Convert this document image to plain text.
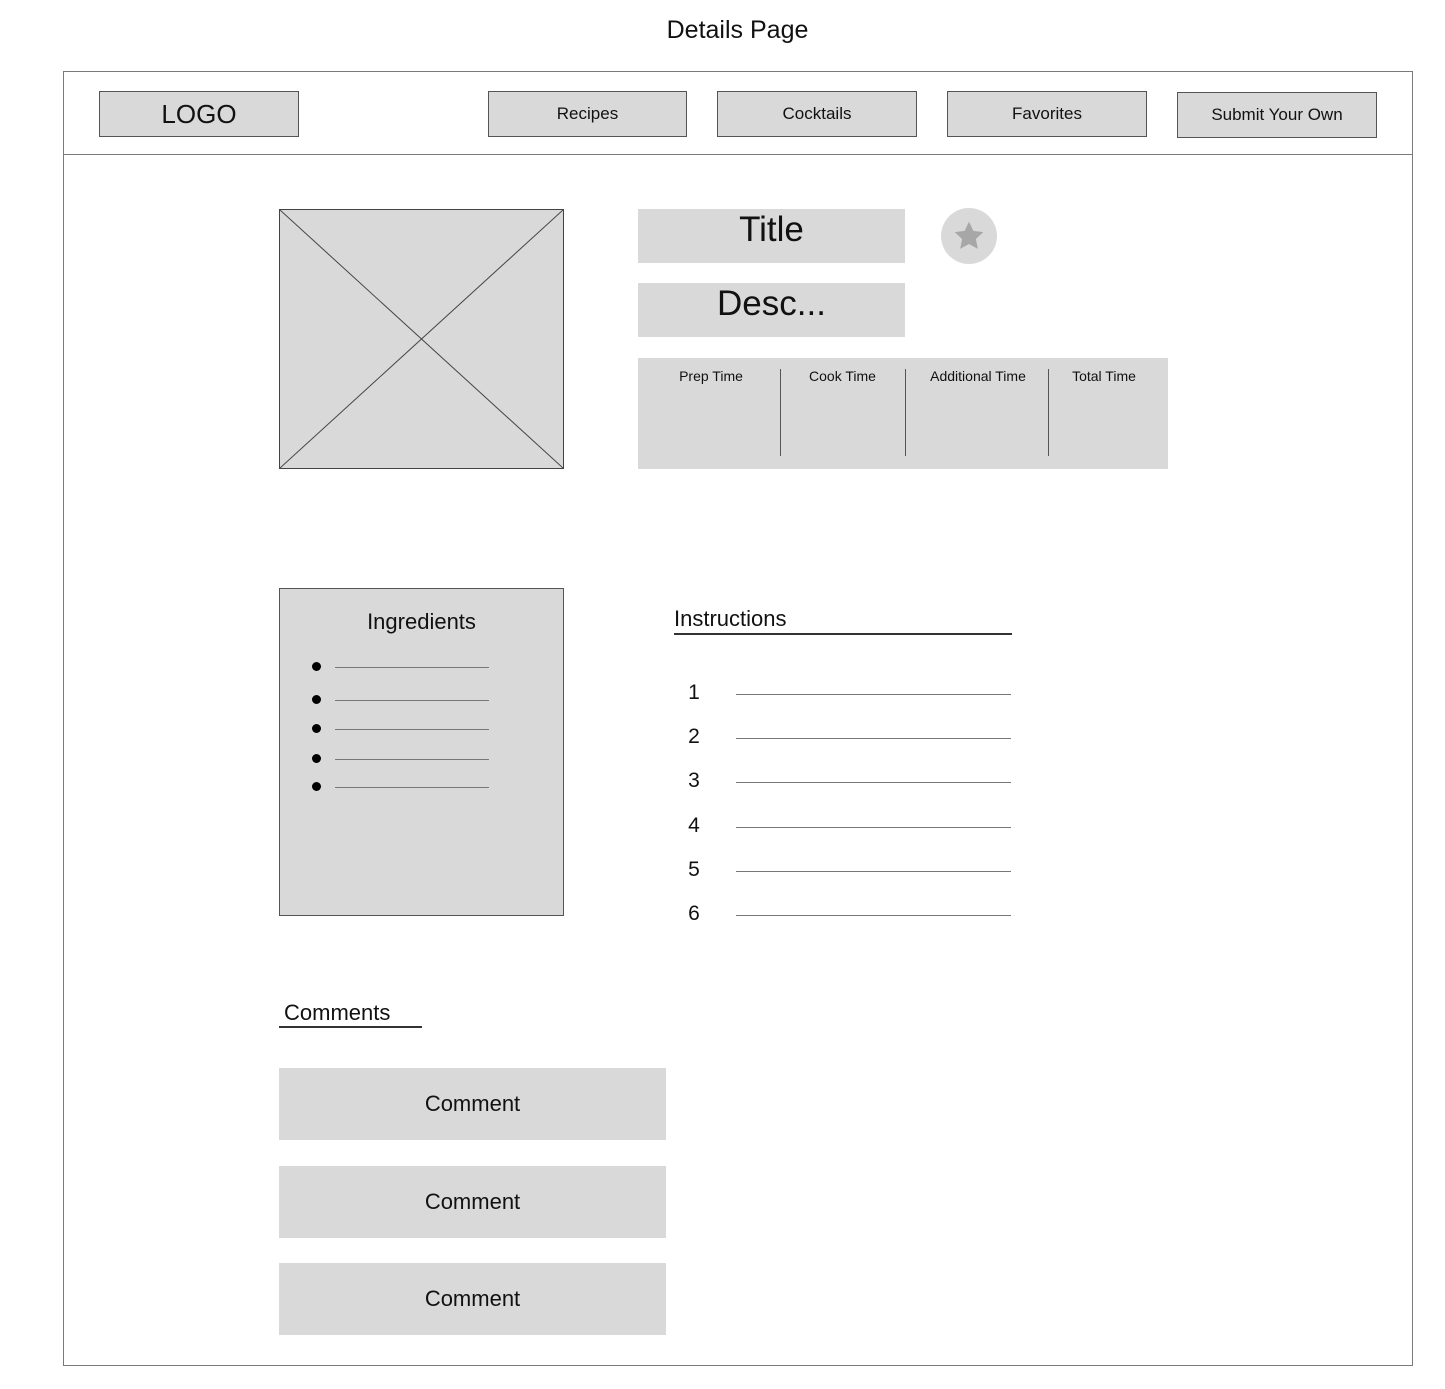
Details Page
LOGO	Recipes	Cocktails	Favorites	Submit Your Own
Title
Desc...
Prep Time	Cook Time	Additional Time	Total Time
Ingredients	Instructions
1
2
3
4
5
6
Comments
Comment
Comment
Comment
